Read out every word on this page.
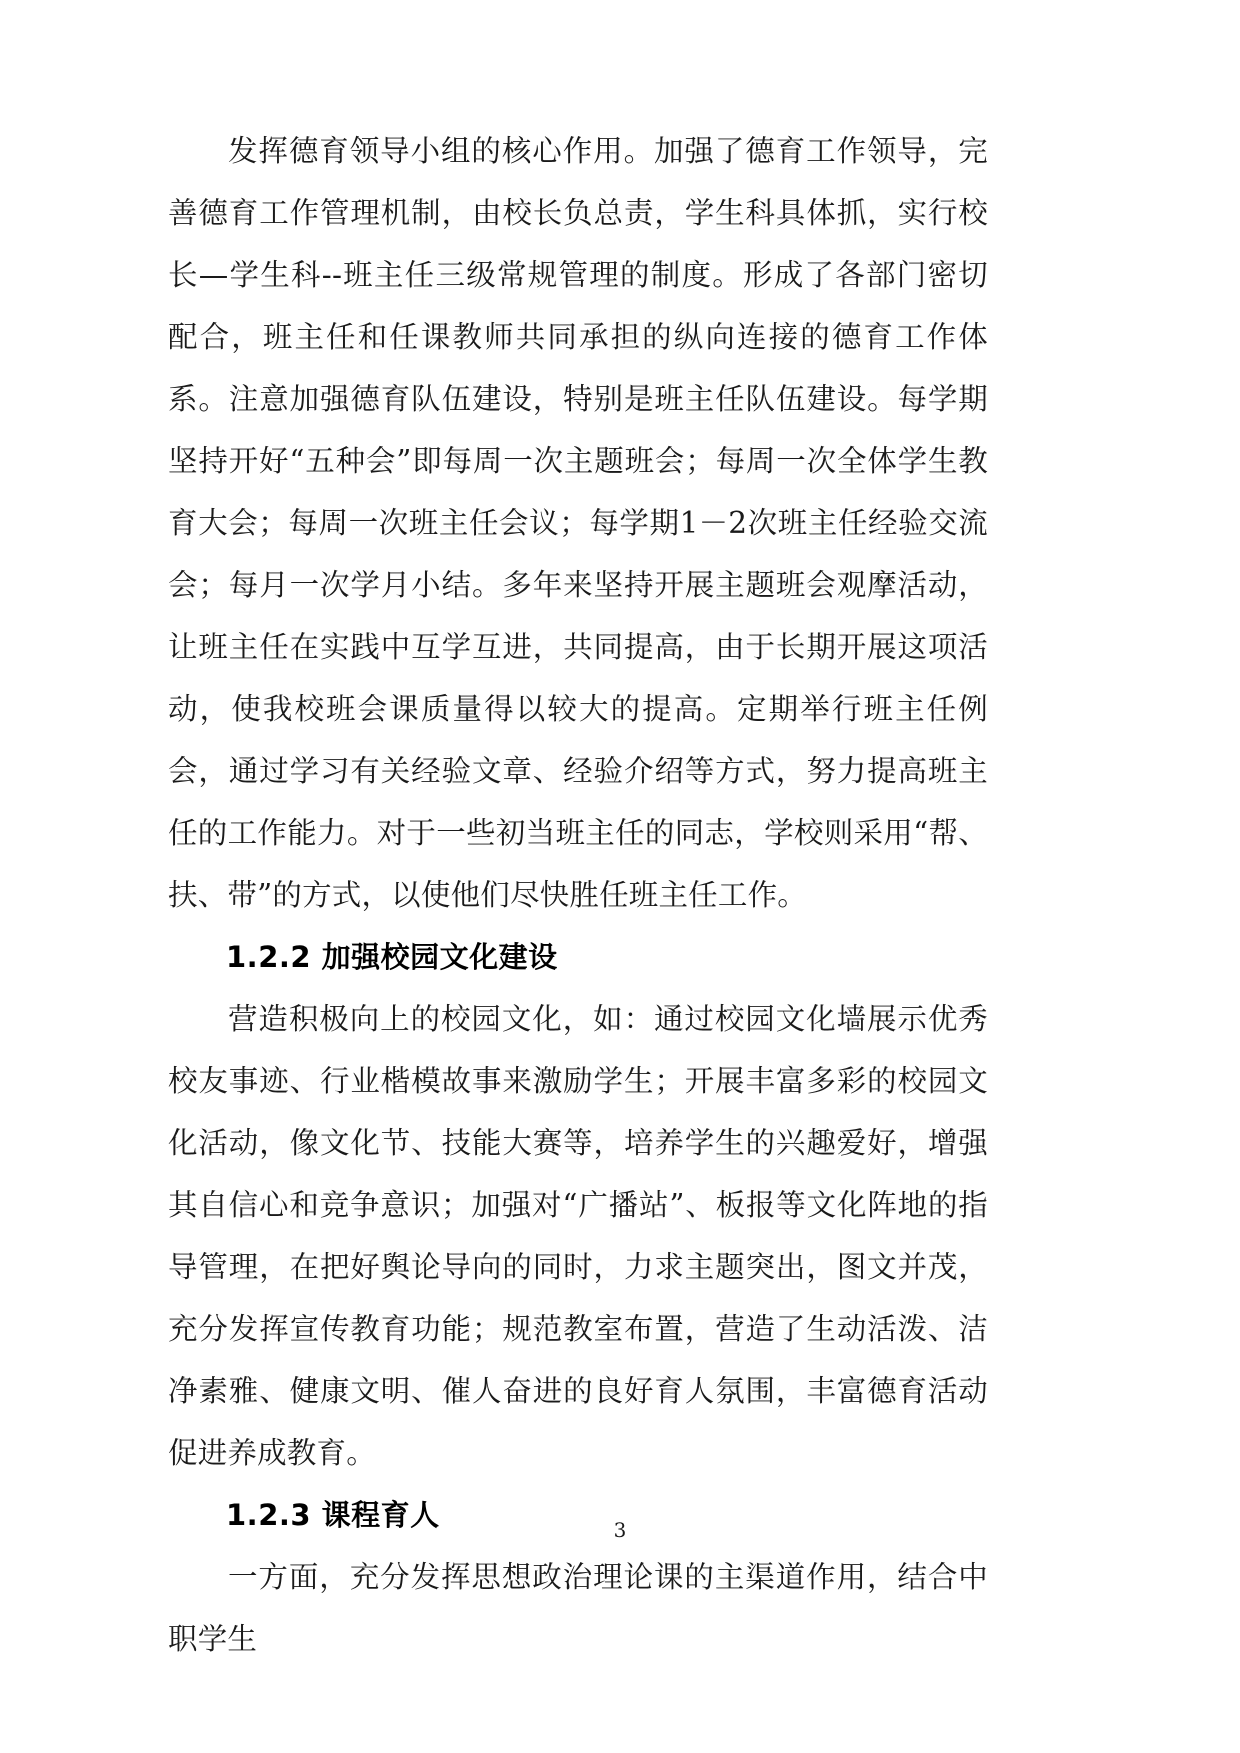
发挥德育领导小组的核心作用。加强了德育工作领导，完善德育工作管理机制，由校长负总责，学生科具体抓，实行校长—学生科--班主任三级常规管理的制度。形成了各部门密切配合，班主任和任课教师共同承担的纵向连接的德育工作体系。注意加强德育队伍建设，特别是班主任队伍建设。每学期坚持开好“五种会”即每周一次主题班会；每周一次全体学生教育大会；每周一次班主任会议；每学期1－2次班主任经验交流会；每月一次学月小结。多年来坚持开展主题班会观摩活动，让班主任在实践中互学互进，共同提高，由于长期开展这项活动，使我校班会课质量得以较大的提高。定期举行班主任例会，通过学习有关经验文章、经验介绍等方式，努力提高班主任的工作能力。对于一些初当班主任的同志，学校则采用“帮、扶、带”的方式，以使他们尽快胜任班主任工作。

1.2.2 加强校园文化建设

营造积极向上的校园文化，如：通过校园文化墙展示优秀校友事迹、行业楷模故事来激励学生；开展丰富多彩的校园文化活动，像文化节、技能大赛等，培养学生的兴趣爱好，增强其自信心和竞争意识；加强对“广播站”、板报等文化阵地的指导管理，在把好舆论导向的同时，力求主题突出，图文并茂，充分发挥宣传教育功能；规范教室布置，营造了生动活泼、洁净素雅、健康文明、催人奋进的良好育人氛围，丰富德育活动促进养成教育。

1.2.3 课程育人

一方面，充分发挥思想政治理论课的主渠道作用，结合中职学生

3
